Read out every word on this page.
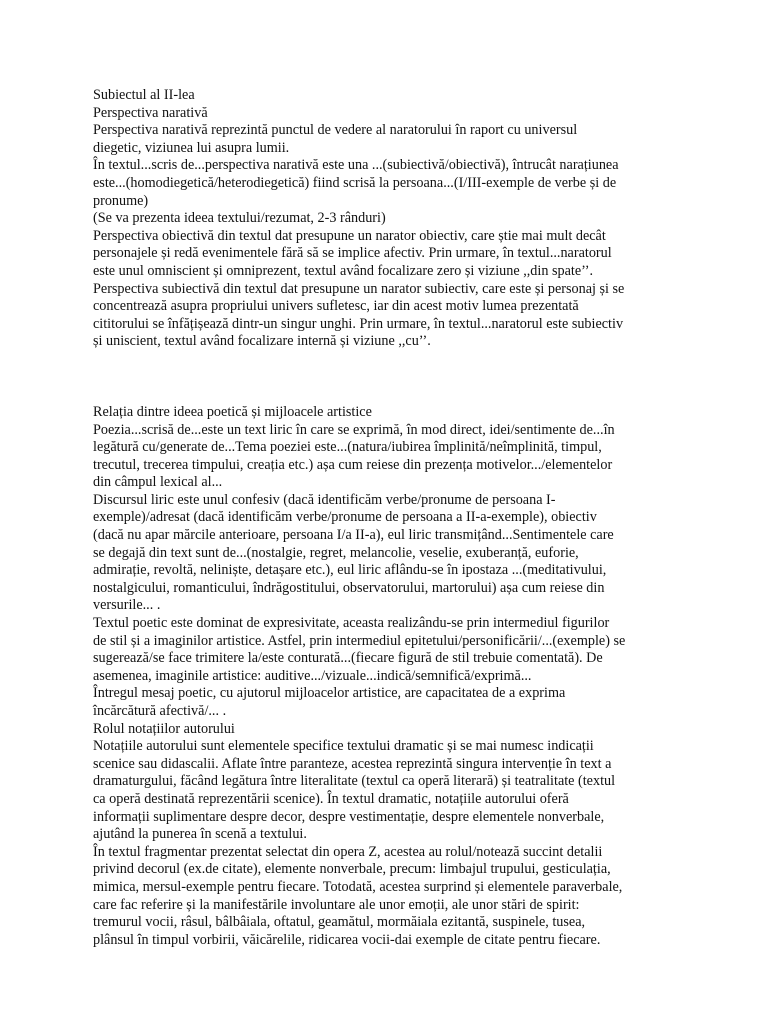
Subiectul al II-lea

Perspectiva narativă

Perspectiva narativă reprezintă punctul de vedere al naratorului în raport cu universul

diegetic, viziunea lui asupra lumii.

În textul...scris de...perspectiva narativă este una ...(subiectivă/obiectivă), întrucât narațiunea

este...(homodiegetică/heterodiegetică) fiind scrisă la persoana...(I/III-exemple de verbe și de

pronume)

(Se va prezenta ideea textului/rezumat, 2-3 rânduri)

Perspectiva obiectivă din textul dat presupune un narator obiectiv, care știe mai mult decât

personajele și redă evenimentele fără să se implice afectiv. Prin urmare, în textul...naratorul

este unul omniscient și omniprezent, textul având focalizare zero și viziune ,,din spate’’.

Perspectiva subiectivă din textul dat presupune un narator subiectiv, care este și personaj și se

concentrează asupra propriului univers sufletesc, iar din acest motiv lumea prezentată

cititorului se înfățișează dintr-un singur unghi. Prin urmare, în textul...naratorul este subiectiv

și uniscient, textul având focalizare internă și viziune ,,cu’’.

Relația dintre ideea poetică și mijloacele artistice

Poezia...scrisă de...este un text liric în care se exprimă, în mod direct, idei/sentimente de...în

legătură cu/generate de...Tema poeziei este...(natura/iubirea împlinită/neîmplinită, timpul,

trecutul, trecerea timpului, creația etc.) așa cum reiese din prezența motivelor.../elementelor

din câmpul lexical al...

Discursul liric este unul confesiv (dacă identificăm verbe/pronume de persoana I-

exemple)/adresat (dacă identificăm verbe/pronume de persoana a II-a-exemple), obiectiv

(dacă nu apar mărcile anterioare, persoana I/a II-a), eul liric transmițând...Sentimentele care

se degajă din text sunt de...(nostalgie, regret, melancolie, veselie, exuberanță, euforie,

admirație, revoltă, neliniște, detașare etc.), eul liric aflându-se în ipostaza ...(meditativului,

nostalgicului, romanticului, îndrăgostitului, observatorului, martorului) așa cum reiese din

versurile... .

Textul poetic este dominat de expresivitate, aceasta realizându-se prin intermediul figurilor

de stil și a imaginilor artistice. Astfel, prin intermediul epitetului/personificării/...(exemple) se

sugerează/se face trimitere la/este conturată...(fiecare figură de stil trebuie comentată). De

asemenea, imaginile artistice: auditive.../vizuale...indică/semnifică/exprimă...

Întregul mesaj poetic, cu ajutorul mijloacelor artistice, are capacitatea de a exprima

încărcătură afectivă/... .

Rolul notațiilor autorului

Notațiile autorului sunt elementele specifice textului dramatic și se mai numesc indicații

scenice sau didascalii. Aflate între paranteze, acestea reprezintă singura intervenție în text a

dramaturgului, făcând legătura între literalitate (textul ca operă literară) și teatralitate (textul

ca operă destinată reprezentării scenice). În textul dramatic, notațiile autorului oferă

informații suplimentare despre decor, despre vestimentație, despre elementele nonverbale,

ajutând la punerea în scenă a textului.

În textul fragmentar prezentat selectat din opera Z, acestea au rolul/notează succint detalii

privind decorul (ex.de citate), elemente nonverbale, precum: limbajul trupului, gesticulația,

mimica, mersul-exemple pentru fiecare. Totodată, acestea surprind și elementele paraverbale,

care fac referire și la manifestările involuntare ale unor emoții, ale unor stări de spirit:

tremurul vocii, râsul, bâlbâiala, oftatul, geamătul, mormăiala ezitantă, suspinele, tusea,

plânsul în timpul vorbirii, văicărelile, ridicarea vocii-dai exemple de citate pentru fiecare.
